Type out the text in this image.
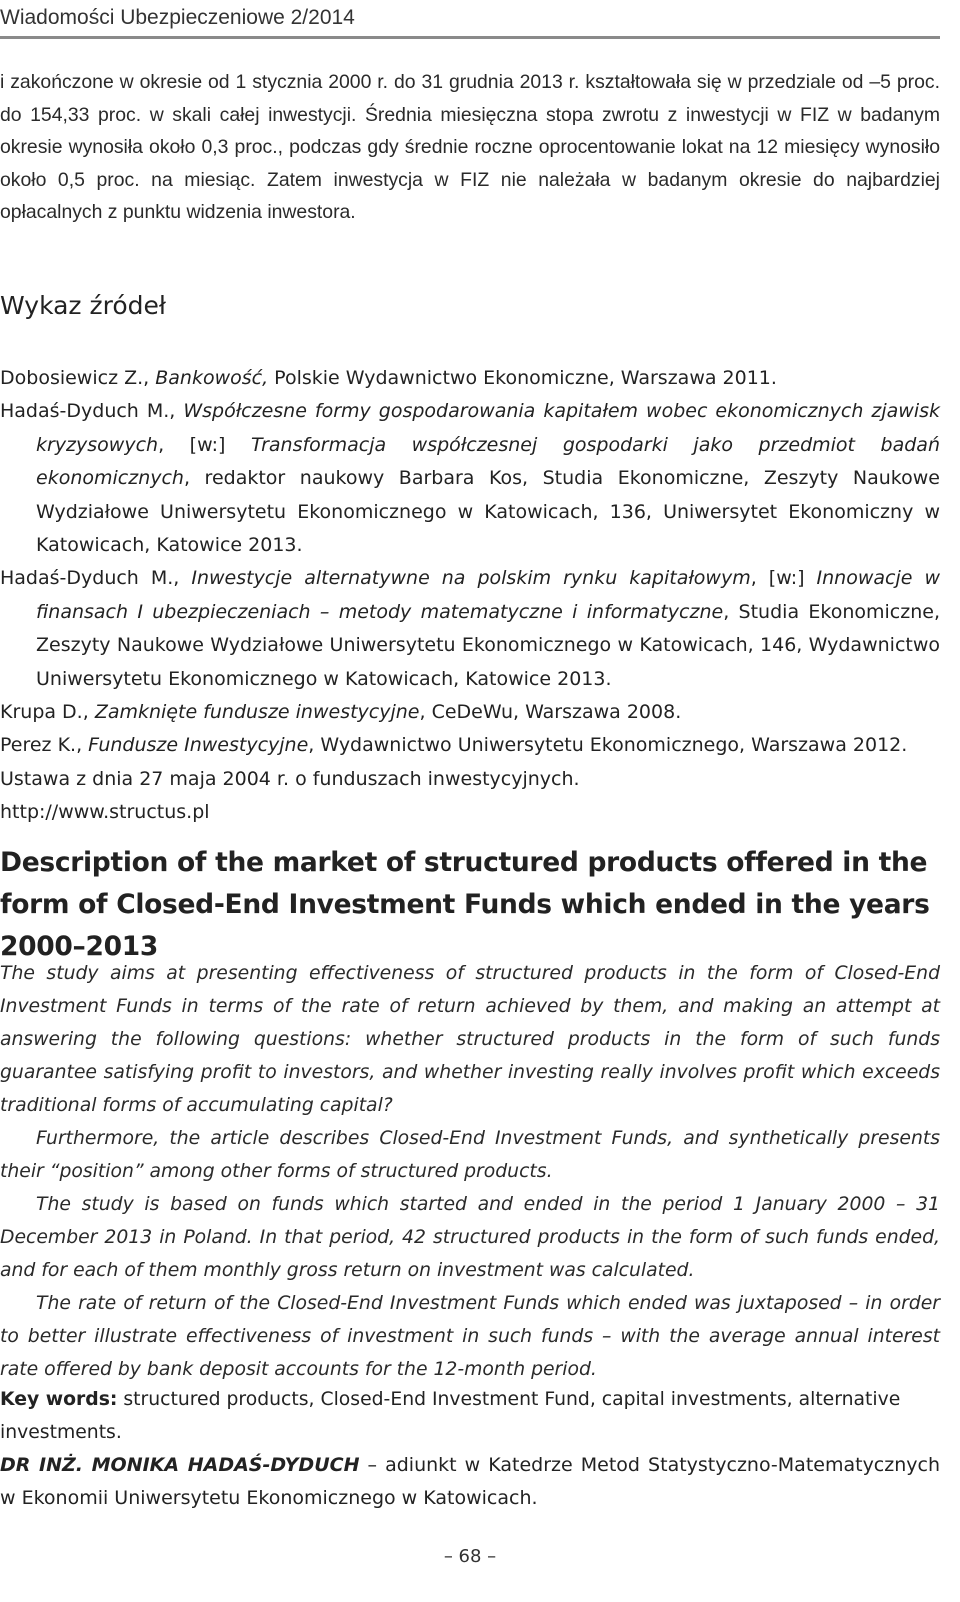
Wiadomości Ubezpieczeniowe 2/2014

i zakończone w okresie od 1 stycznia 2000 r. do 31 grudnia 2013 r. kształtowała się w przedziale od –5 proc. do 154,33 proc. w skali całej inwestycji. Średnia miesięczna stopa zwrotu z inwestycji w FIZ w badanym okresie wynosiła około 0,3 proc., podczas gdy średnie roczne oprocentowanie lokat na 12 miesięcy wynosiło około 0,5 proc. na miesiąc. Zatem inwestycja w FIZ nie należała w badanym okresie do najbardziej opłacalnych z punktu widzenia inwestora.

Wykaz źródeł

Dobosiewicz Z., Bankowość, Polskie Wydawnictwo Ekonomiczne, Warszawa 2011.

Hadaś-Dyduch M., Współczesne formy gospodarowania kapitałem wobec ekonomicznych zjawisk kryzysowych, [w:] Transformacja współczesnej gospodarki jako przedmiot badań ekonomicznych, redaktor naukowy Barbara Kos, Studia Ekonomiczne, Zeszyty Naukowe Wydziałowe Uniwersytetu Ekonomicznego w Katowicach, 136, Uniwersytet Ekonomiczny w Katowicach, Katowice 2013.

Hadaś-Dyduch M., Inwestycje alternatywne na polskim rynku kapitałowym, [w:] Innowacje w finansach I ubezpieczeniach – metody matematyczne i informatyczne, Studia Ekonomiczne, Zeszyty Naukowe Wydziałowe Uniwersytetu Ekonomicznego w Katowicach, 146, Wydawnictwo Uniwersytetu Ekonomicznego w Katowicach, Katowice 2013.

Krupa D., Zamknięte fundusze inwestycyjne, CeDeWu, Warszawa 2008.

Perez K., Fundusze Inwestycyjne, Wydawnictwo Uniwersytetu Ekonomicznego, Warszawa 2012.

Ustawa z dnia 27 maja 2004 r. o funduszach inwestycyjnych.

http://www.structus.pl

Description of the market of structured products offered in the form of Closed-End Investment Funds which ended in the years 2000–2013

The study aims at presenting effectiveness of structured products in the form of Closed-End Investment Funds in terms of the rate of return achieved by them, and making an attempt at answering the following questions: whether structured products in the form of such funds guarantee satisfying profit to investors, and whether investing really involves profit which exceeds traditional forms of accumulating capital?

Furthermore, the article describes Closed-End Investment Funds, and synthetically presents their “position” among other forms of structured products.

The study is based on funds which started and ended in the period 1 January 2000 – 31 December 2013 in Poland. In that period, 42 structured products in the form of such funds ended, and for each of them monthly gross return on investment was calculated.

The rate of return of the Closed-End Investment Funds which ended was juxtaposed – in order to better illustrate effectiveness of investment in such funds – with the average annual interest rate offered by bank deposit accounts for the 12-month period.

Key words: structured products, Closed-End Investment Fund, capital investments, alternative investments.

DR INŻ. MONIKA HADAŚ-DYDUCH – adiunkt w Katedrze Metod Statystyczno-Matematycznych w Ekonomii Uniwersytetu Ekonomicznego w Katowicach.

– 68 –
